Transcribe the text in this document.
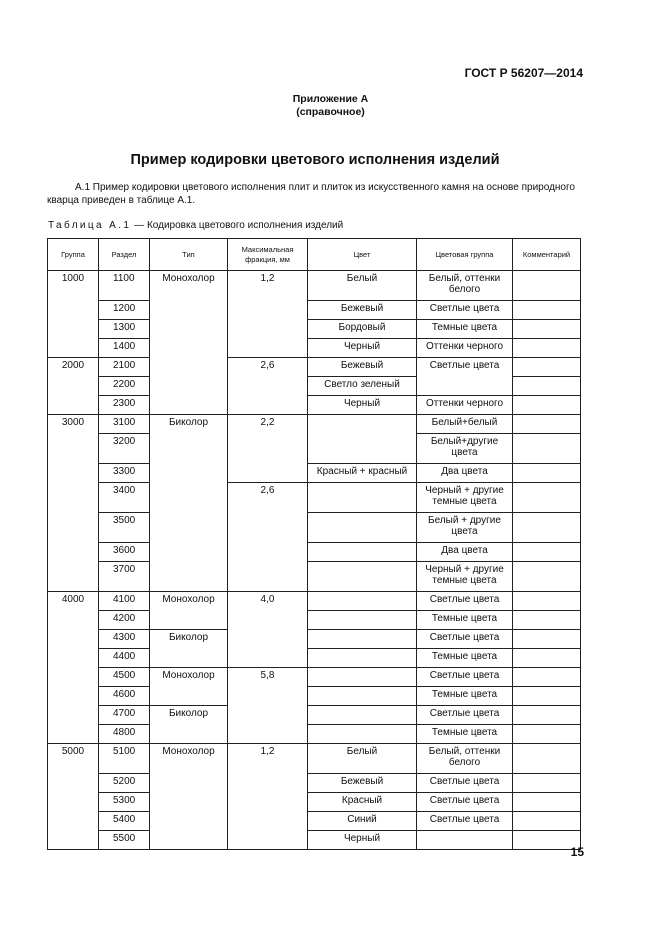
ГОСТ Р 56207—2014
Приложение А
(справочное)
Пример кодировки цветового исполнения изделий
А.1 Пример кодировки цветового исполнения плит и плиток из искусственного камня на основе природного кварца приведен в таблице А.1.
Таблица А.1 — Кодировка цветового исполнения изделий
Группа	Раздел	Тип	Максимальная фракция, мм	Цвет	Цветовая группа	Комментарий
1000	1100	Монохолор	1,2	Белый	Белый, оттенки белого	
	1200			Бежевый	Светлые цвета	
	1300			Бордовый	Темные цвета	
	1400			Черный	Оттенки черного	
2000	2100		2,6	Бежевый	Светлые цвета	
	2200			Светло зеленый		
	2300			Черный	Оттенки черного	
3000	3100	Биколор	2,2		Белый+белый	
	3200				Белый+другие цвета	
	3300			Красный + красный	Два цвета	
	3400		2,6		Черный + другие темные цвета	
	3500				Белый + другие цвета	
	3600				Два цвета	
	3700				Черный + другие темные цвета	
4000	4100	Монохолор	4,0		Светлые цвета	
	4200				Темные цвета	
	4300	Биколор			Светлые цвета	
	4400				Темные цвета	
	4500	Монохолор	5,8		Светлые цвета	
	4600				Темные цвета	
	4700	Биколор			Светлые цвета	
	4800				Темные цвета	
5000	5100	Монохолор	1,2	Белый	Белый, оттенки белого	
	5200			Бежевый	Светлые цвета	
	5300			Красный	Светлые цвета	
	5400			Синий	Светлые цвета	
	5500			Черный		
15
